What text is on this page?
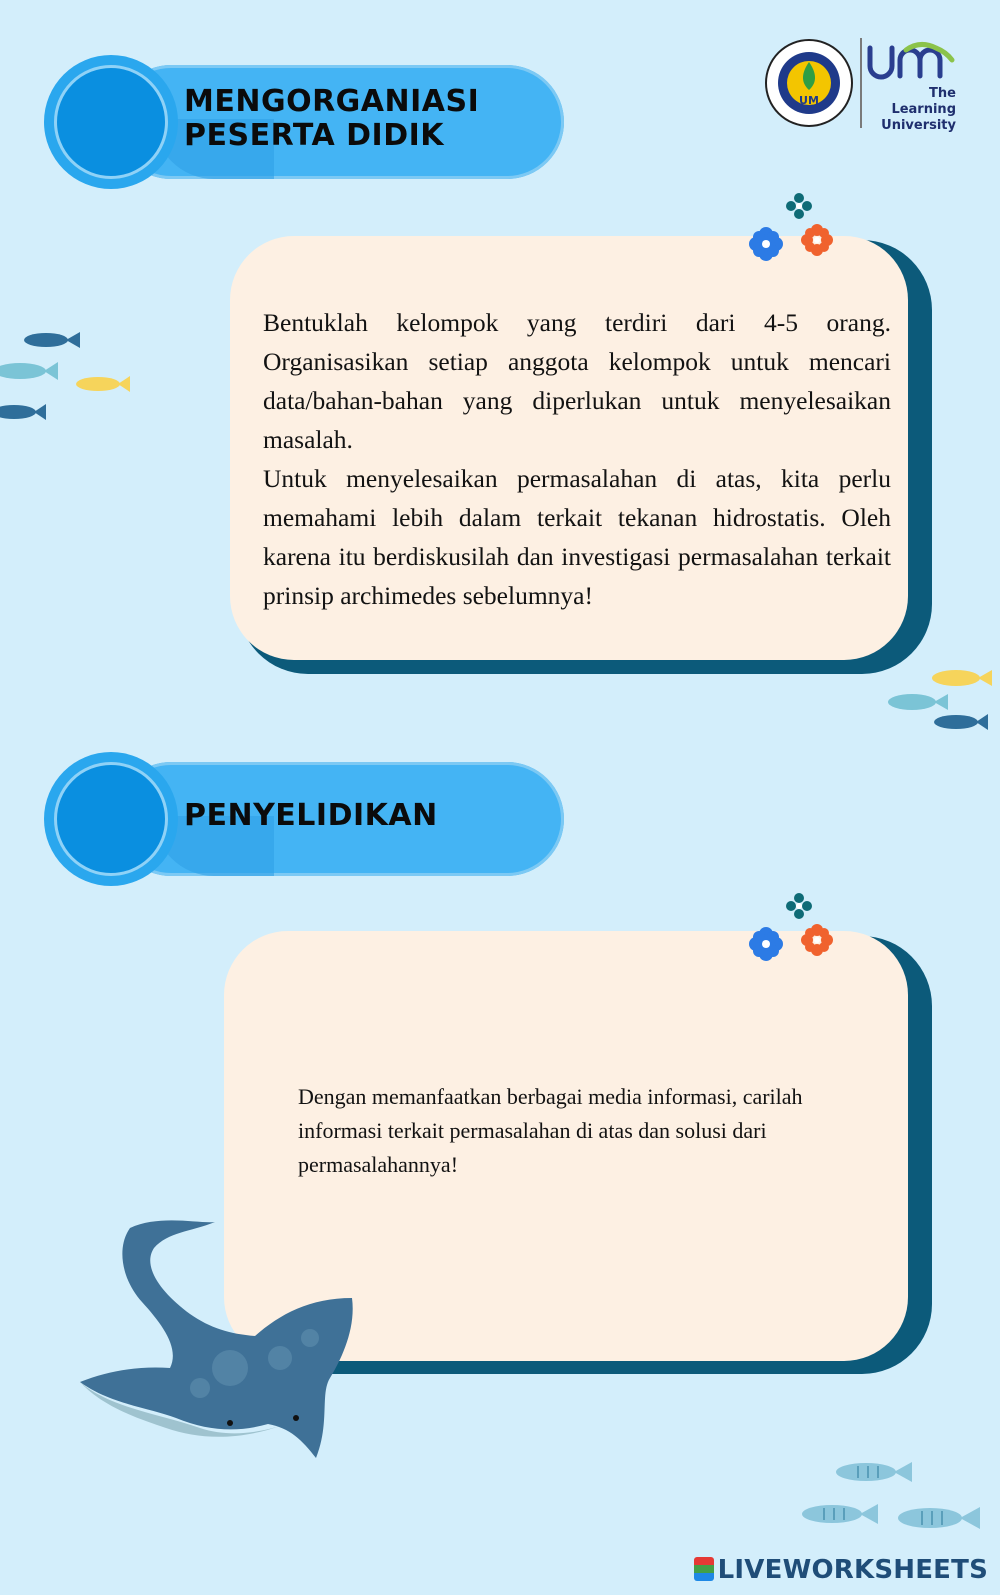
UM	The Learning
University
MENGORGANIASI
PESERTA DIDIK

Bentuklah kelompok yang terdiri dari 4-5 orang. Organisasikan setiap anggota kelompok untuk mencari data/bahan-bahan yang diperlukan untuk menyelesaikan masalah.

Untuk menyelesaikan permasalahan di atas, kita perlu memahami lebih dalam terkait tekanan hidrostatis. Oleh karena itu berdiskusilah dan investigasi permasalahan terkait prinsip archimedes sebelumnya!

PENYELIDIKAN
Dengan memanfaatkan berbagai media informasi, carilah informasi terkait permasalahan di atas dan solusi dari permasalahannya!
LIVEWORKSHEETS
